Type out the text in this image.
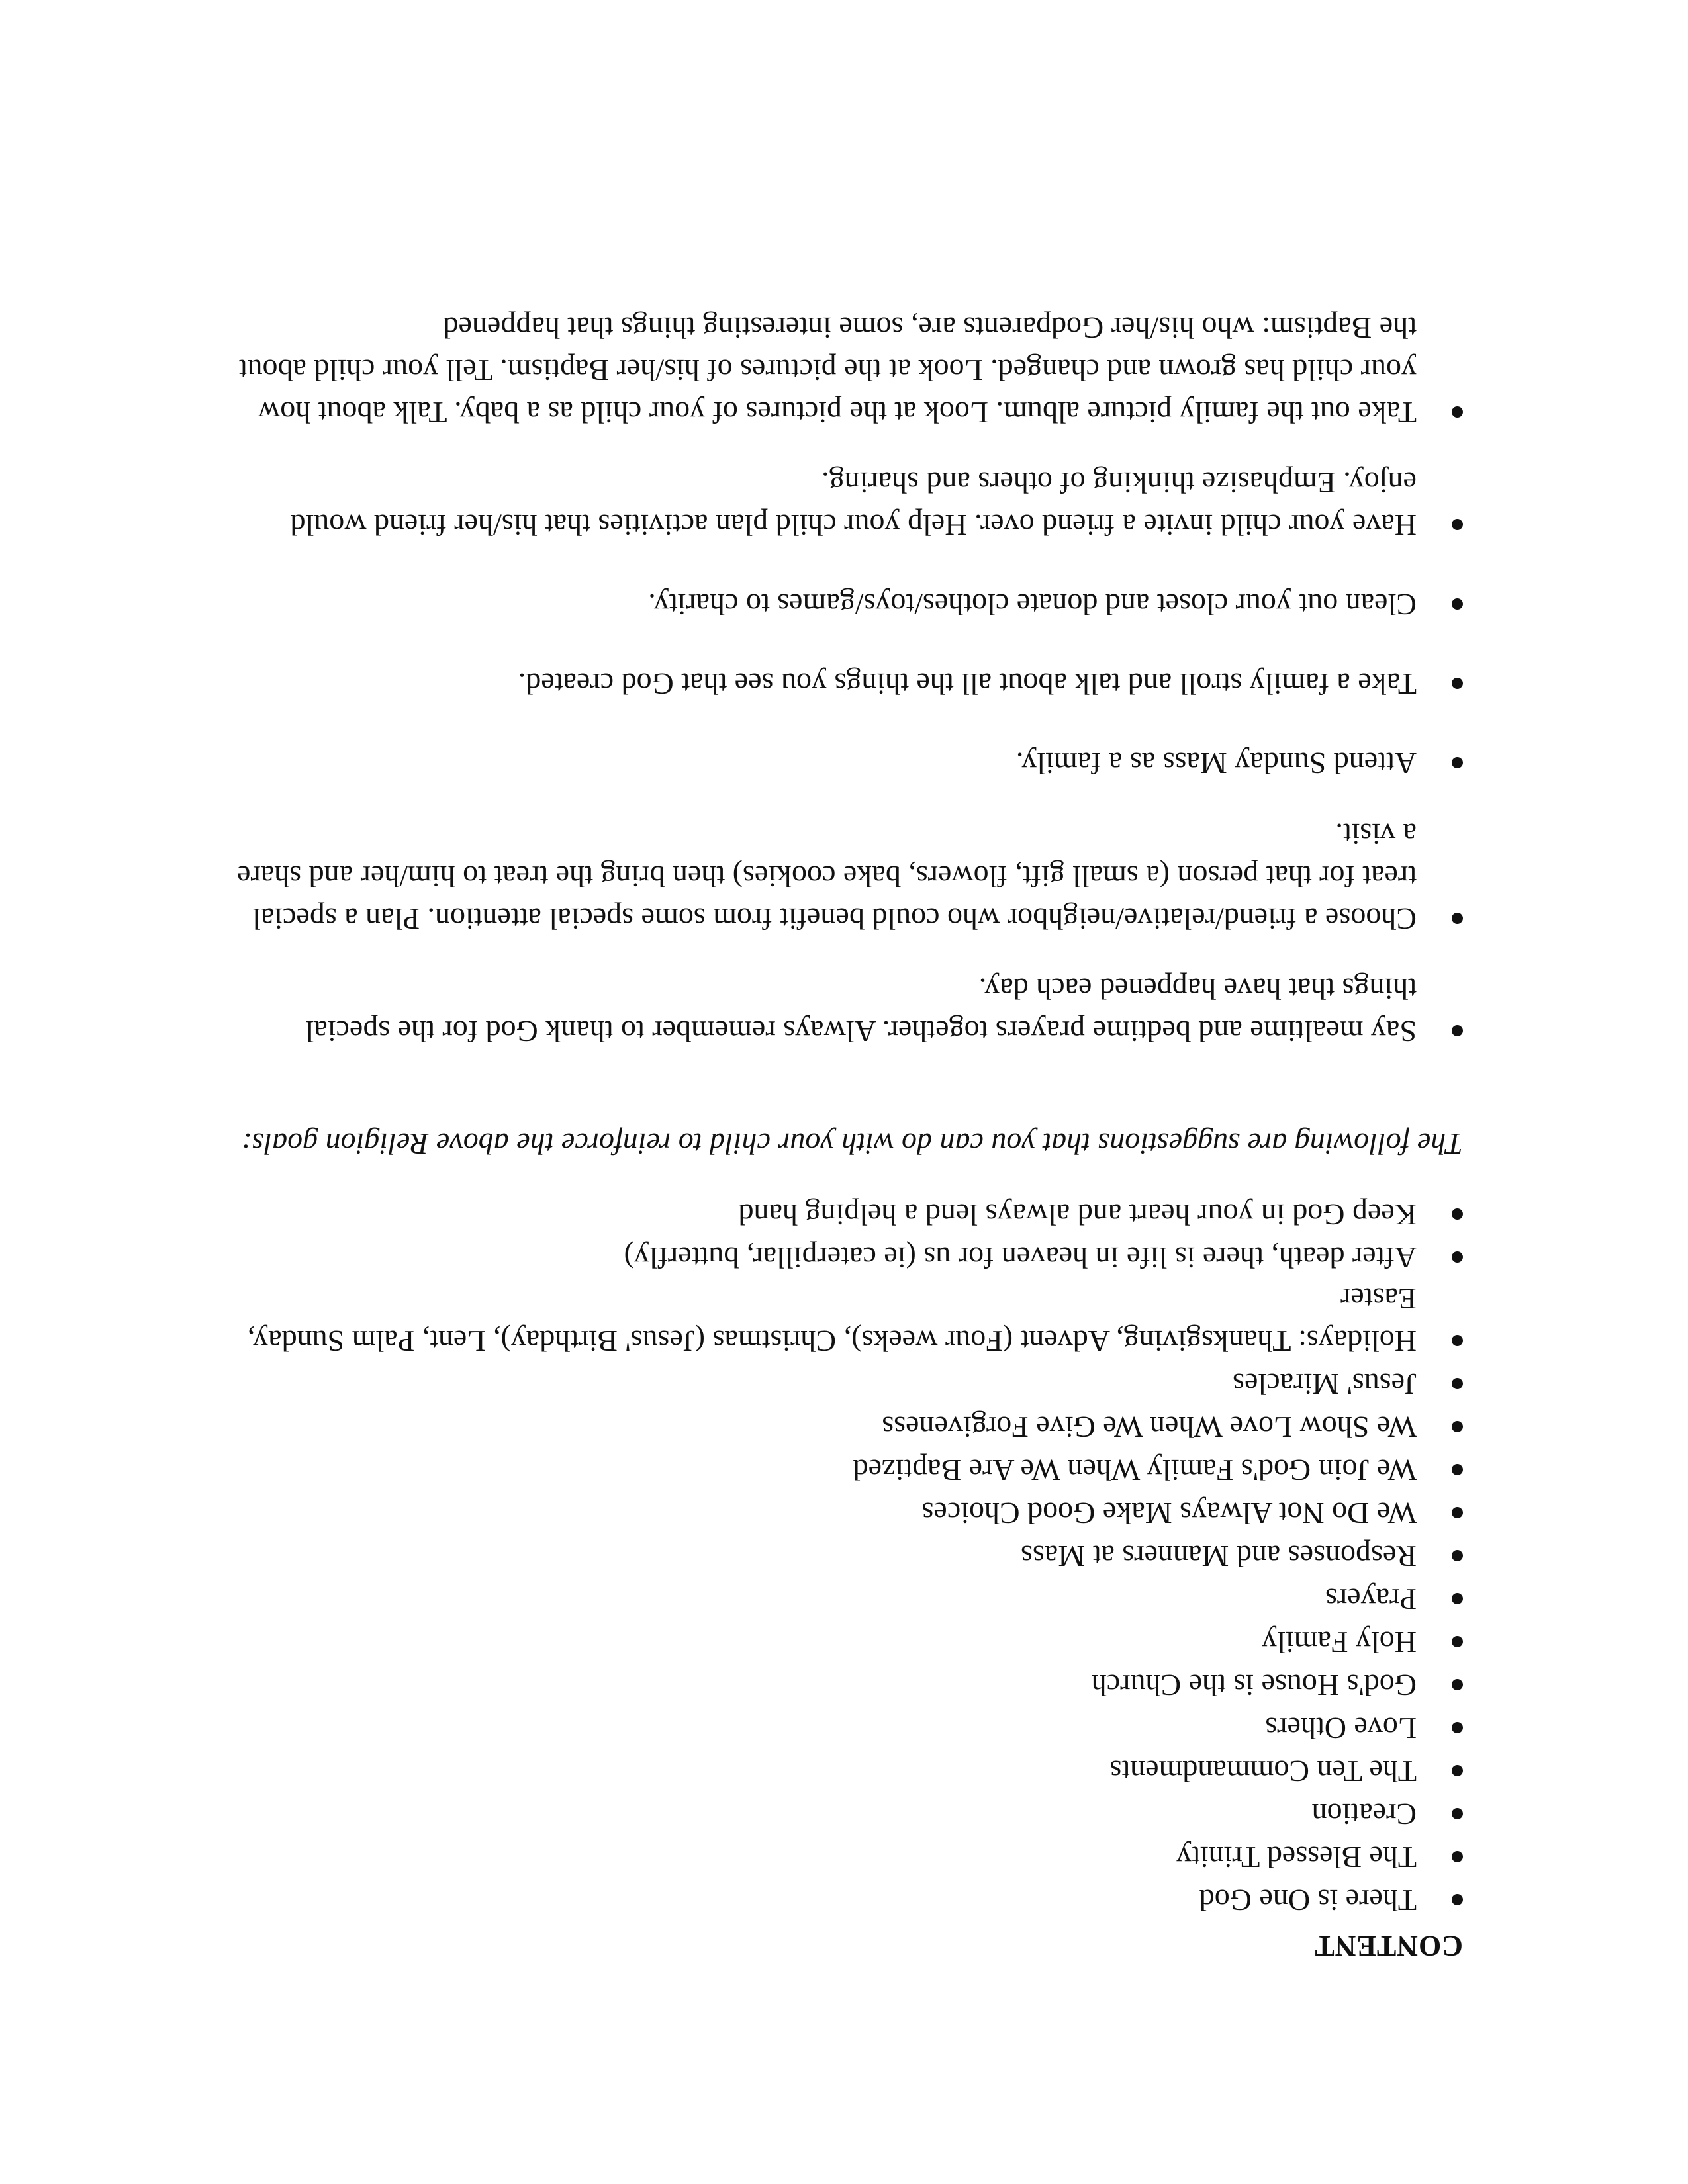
CONTENT
There is One God
The Blessed Trinity
Creation
The Ten Commandments
Love Others
God's House is the Church
Holy Family
Prayers
Responses and Manners at Mass
We Do Not Always Make Good Choices
We Join God's Family When We Are Baptized
We Show Love When We Give Forgiveness
Jesus' Miracles
Holidays: Thanksgiving, Advent (Four weeks), Christmas (Jesus' Birthday), Lent, Palm Sunday, Easter
After death, there is life in heaven for us (ie caterpillar, butterfly)
Keep God in your heart and always lend a helping hand

The following are suggestions that you can do with your child to reinforce the above Religion goals:

Say mealtime and bedtime prayers together. Always remember to thank God for the special things that have happened each day.
Choose a friend/relative/neighbor who could benefit from some special attention. Plan a special treat for that person (a small gift, flowers, bake cookies) then bring the treat to him/her and share a visit.
Attend Sunday Mass as a family.
Take a family stroll and talk about all the things you see that God created.
Clean out your closet and donate clothes/toys/games to charity.
Have your child invite a friend over. Help your child plan activities that his/her friend would enjoy. Emphasize thinking of others and sharing.
Take out the family picture album. Look at the pictures of your child as a baby. Talk about how your child has grown and changed. Look at the pictures of his/her Baptism. Tell your child about the Baptism: who his/her Godparents are, some interesting things that happened
